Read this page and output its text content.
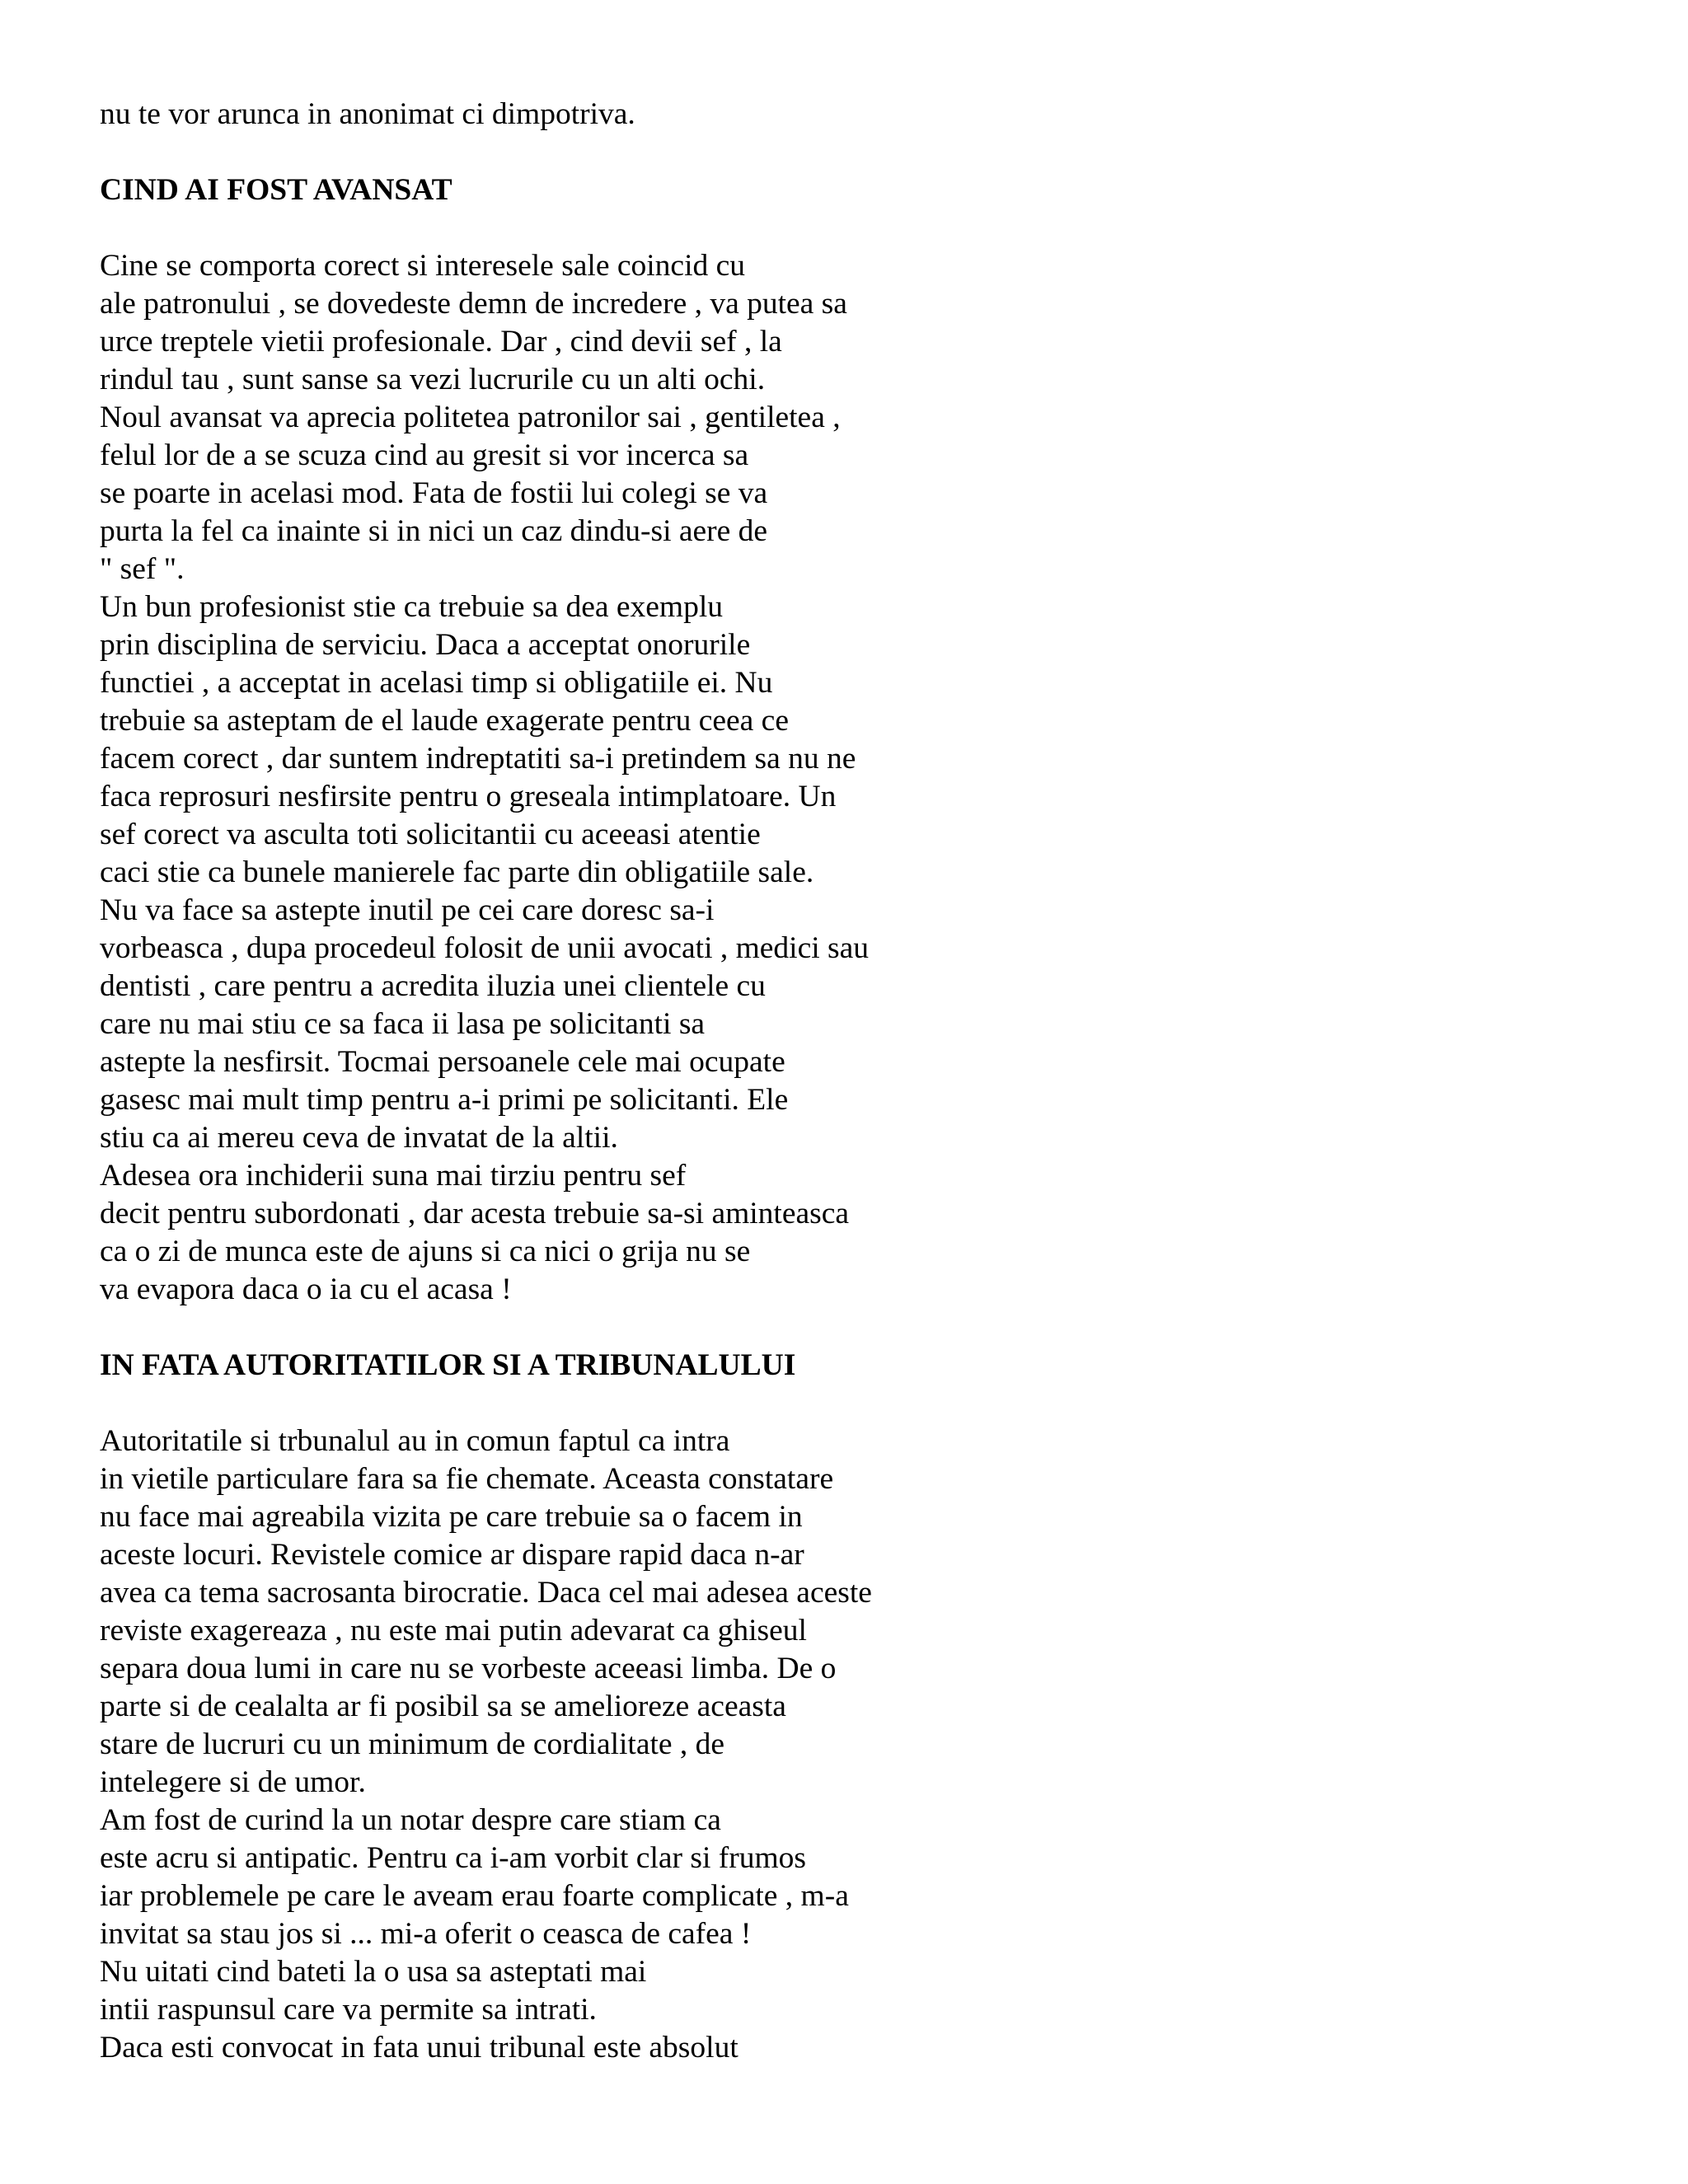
nu te vor arunca in anonimat ci dimpotriva.
CIND AI FOST AVANSAT
Cine se comporta corect si interesele sale coincid cu
ale patronului , se dovedeste demn de incredere , va putea sa
urce treptele vietii profesionale. Dar , cind devii sef , la
rindul tau , sunt sanse sa vezi lucrurile cu un alti ochi.
Noul avansat va aprecia politetea patronilor sai , gentiletea ,
felul lor de a se scuza cind au gresit si vor incerca sa
se poarte in acelasi mod. Fata de fostii lui colegi se va
purta la fel ca inainte si in nici un caz dindu-si aere de
" sef ".
Un bun profesionist stie ca trebuie sa dea exemplu
prin disciplina de serviciu. Daca a acceptat onorurile
functiei , a acceptat in acelasi timp si obligatiile ei. Nu
trebuie sa asteptam de el laude exagerate pentru ceea ce
facem corect , dar suntem indreptatiti sa-i pretindem sa nu ne
faca reprosuri nesfirsite pentru o greseala intimplatoare. Un
sef corect va asculta toti solicitantii cu aceeasi atentie
caci stie ca bunele manierele fac parte din obligatiile sale.
Nu va face sa astepte inutil pe cei care doresc sa-i
vorbeasca , dupa procedeul folosit de unii avocati , medici sau
dentisti , care pentru a acredita iluzia unei clientele cu
care nu mai stiu ce sa faca ii lasa pe solicitanti sa
astepte la nesfirsit. Tocmai persoanele cele mai ocupate
gasesc mai mult timp pentru a-i primi pe solicitanti. Ele
stiu ca ai mereu ceva de invatat de la altii.
Adesea ora inchiderii suna mai tirziu pentru sef
decit pentru subordonati , dar acesta trebuie sa-si aminteasca
ca o zi de munca este de ajuns si ca nici o grija nu se
va evapora daca o ia cu el acasa !
IN FATA AUTORITATILOR SI A TRIBUNALULUI
Autoritatile si trbunalul au in comun faptul ca intra
in vietile particulare fara sa fie chemate. Aceasta constatare
nu face mai agreabila vizita pe care trebuie sa o facem in
aceste locuri. Revistele comice ar dispare rapid daca n-ar
avea ca tema sacrosanta birocratie. Daca cel mai adesea aceste
reviste exagereaza , nu este mai putin adevarat ca ghiseul
separa doua lumi in care nu se vorbeste aceeasi limba. De o
parte si de cealalta ar fi posibil sa se amelioreze aceasta
stare de lucruri cu un minimum de cordialitate , de
intelegere si de umor.
Am fost de curind la un notar despre care stiam ca
este acru si antipatic. Pentru ca i-am vorbit clar si frumos
iar problemele pe care le aveam erau foarte complicate , m-a
invitat sa stau jos si ... mi-a oferit o ceasca de cafea !
Nu uitati cind bateti la o usa sa asteptati mai
intii raspunsul care va permite sa intrati.
Daca esti convocat in fata unui tribunal este absolut
